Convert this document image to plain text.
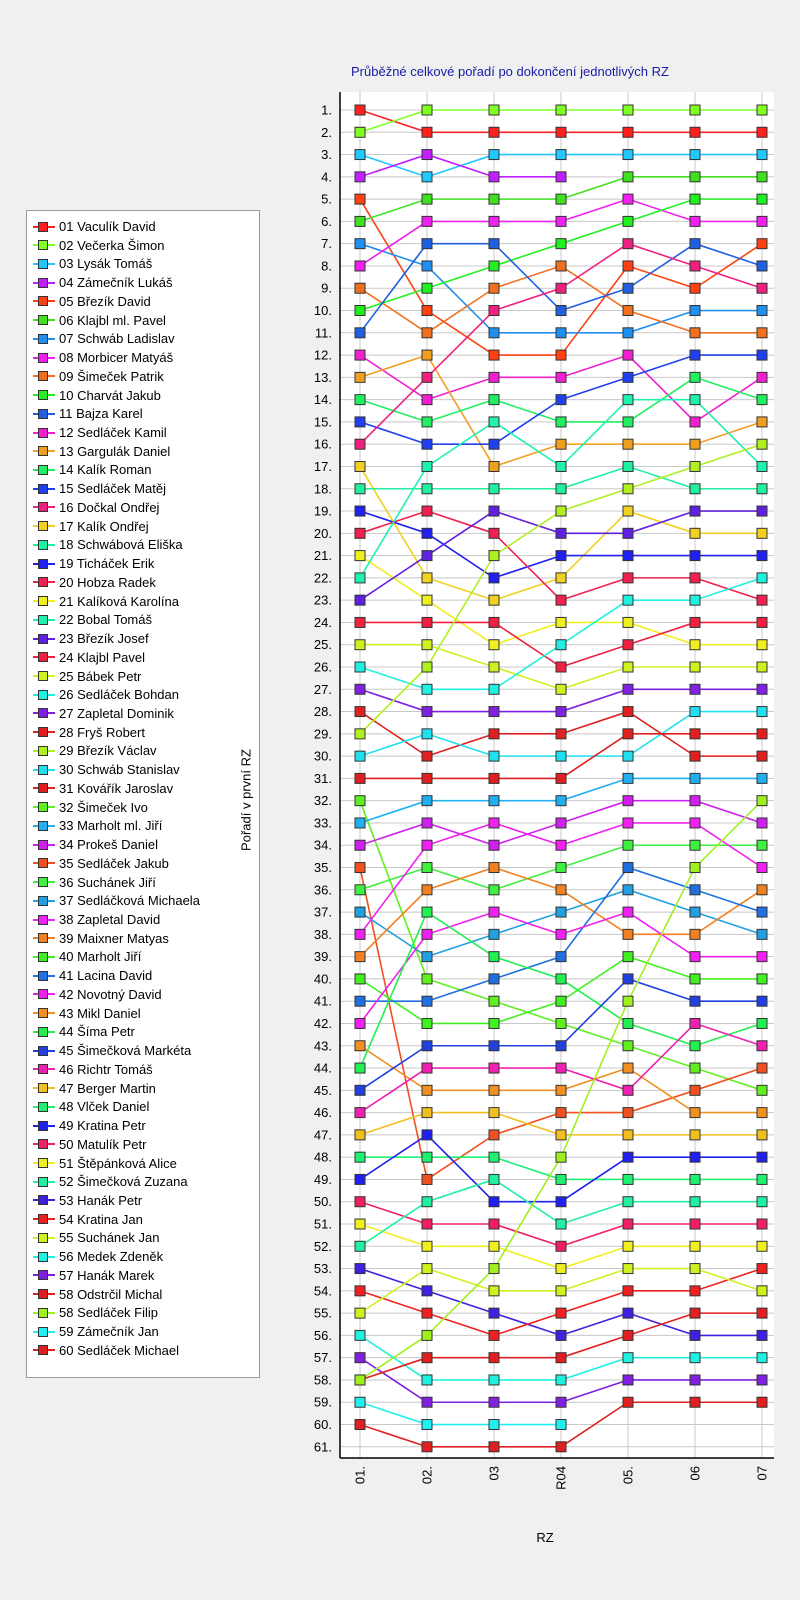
Průběžné celkové pořadí po dokončení jednotlivých RZ
01 Vaculík David
02 Večerka Šimon
03 Lysák Tomáš
04 Zámečník Lukáš
05 Březík David
06 Klajbl ml. Pavel
07 Schwáb Ladislav
08 Morbicer Matyáš
09 Šimeček Patrik
10 Charvát Jakub
11 Bajza Karel
12 Sedláček Kamil
13 Gargulák Daniel
14 Kalík Roman
15 Sedláček Matěj
16 Dočkal Ondřej
17 Kalík Ondřej
18 Schwábová Eliška
19 Ticháček Erik
20 Hobza Radek
21 Kalíková Karolína
22 Bobal Tomáš
23 Březík Josef
24 Klajbl Pavel
25 Bábek Petr
26 Sedláček Bohdan
27 Zapletal Dominik
28 Fryš Robert
29 Březík Václav
30 Schwáb Stanislav
31 Kovářík Jaroslav
32 Šimeček Ivo
33 Marholt ml. Jiří
34 Prokeš Daniel
35 Sedláček Jakub
36 Suchánek Jiří
37 Sedláčková Michaela
38 Zapletal David
39 Maixner Matyas
40 Marholt Jiří
41 Lacina David
42 Novotný David
43 Mikl Daniel
44 Šíma Petr
45 Šimečková Markéta
46 Richtr Tomáš
47 Berger Martin
48 Vlček Daniel
49 Kratina Petr
50 Matulík Petr
51 Štěpánková Alice
52 Šimečková Zuzana
53 Hanák Petr
54 Kratina Jan
55 Suchánek Jan
56 Medek Zdeněk
57 Hanák Marek
58 Odstrčil Michal
58 Sedláček Filip
59 Zámečník Jan
60 Sedláček Michael
Pořadí v první RZ
RZ
1.
2.
3.
4.
5.
6.
7.
8.
9.
10.
11.
12.
13.
14.
15.
16.
17.
18.
19.
20.
21.
22.
23.
24.
25.
26.
27.
28.
29.
30.
31.
32.
33.
34.
35.
36.
37.
38.
39.
40.
41.
42.
43.
44.
45.
46.
47.
48.
49.
50.
51.
52.
53.
54.
55.
56.
57.
58.
59.
60.
61.
01.	02.	03	R04	05.	06	07
